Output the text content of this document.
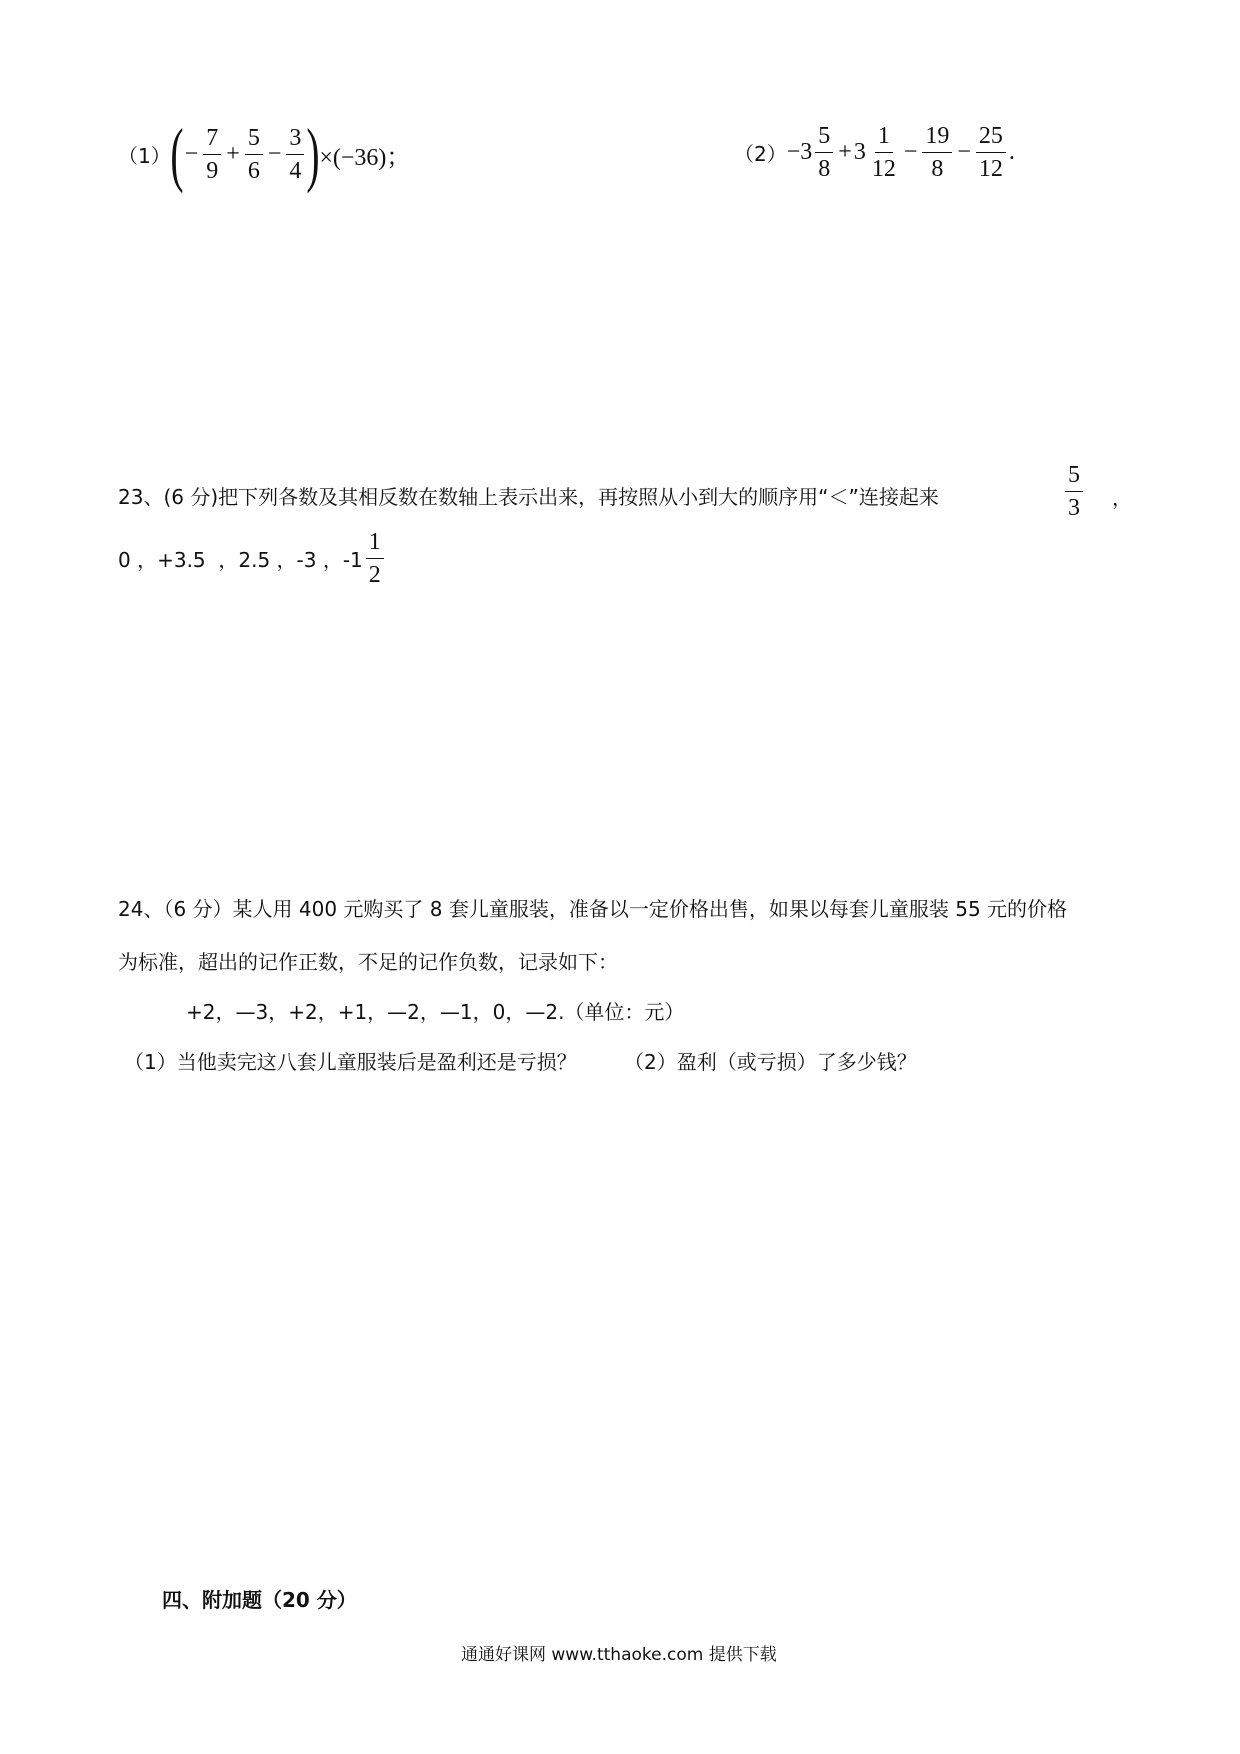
（1） ( − $\frac{7}{9} + \frac{5}{6} - \frac{3}{4}$ ) ×(−36)；	$(2) -3 \frac{5}{8} + 3 \frac{1}{12} - \frac{19}{8} - \frac{25}{12}$ .
23、(6 分)把下列各数及其相反数在数轴上表示出来，再按照从小到大的顺序用“＜”连接起来	$\frac{5}{3}$ ，
0 ，+3.5  ，2.5 ，-3 ，$-1 \frac{1}{2}$
24、（6 分）某人用 400 元购买了 8 套儿童服装，准备以一定价格出售，如果以每套儿童服装 55 元的价格
为标准，超出的记作正数，不足的记作负数，记录如下：
+2，—3，+2，+1，—2，—1，0，—2.（单位：元）
（1）当他卖完这八套儿童服装后是盈利还是亏损？ （2）盈利（或亏损）了多少钱？
四、附加题（20 分）
通通好课网 www.tthaoke.com 提供下载
